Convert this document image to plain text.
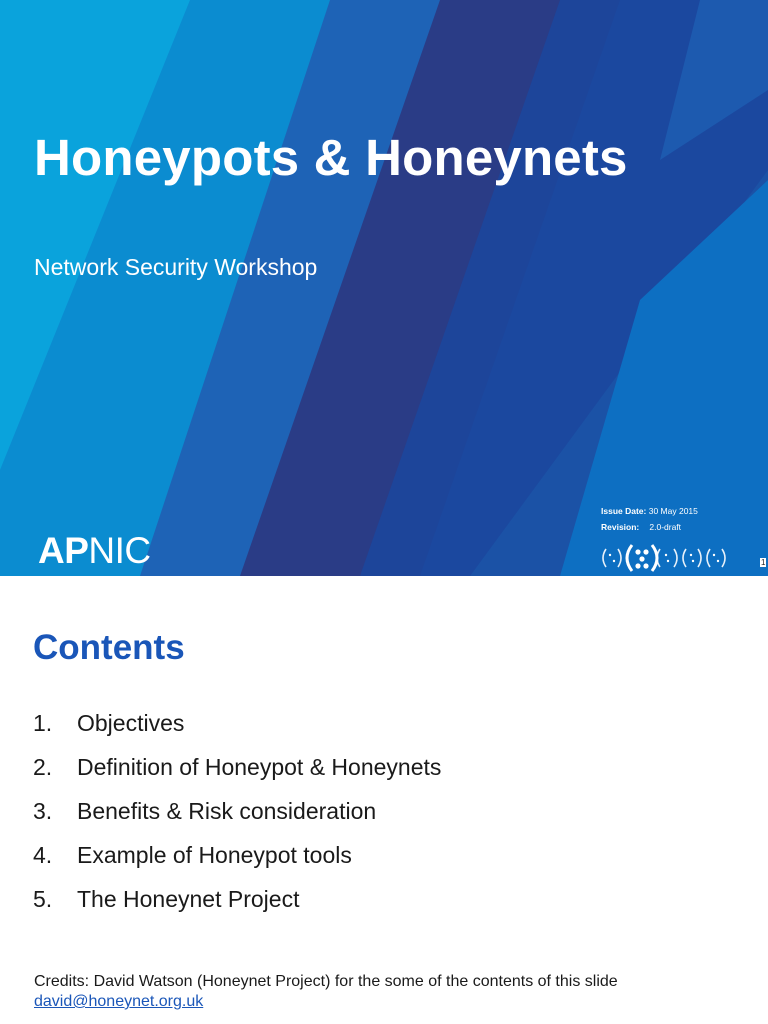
Honeypots & Honeynets
Network Security Workshop
APNIC
Issue Date: 30 May 2015
Revision: 2.0-draft
1
Contents
1.	Objectives
2.	Definition of Honeypot & Honeynets
3.	Benefits & Risk consideration
4.	Example of Honeypot tools
5.	The Honeynet Project
Credits: David Watson (Honeynet Project) for the some of the contents of this slide
david@honeynet.org.uk
